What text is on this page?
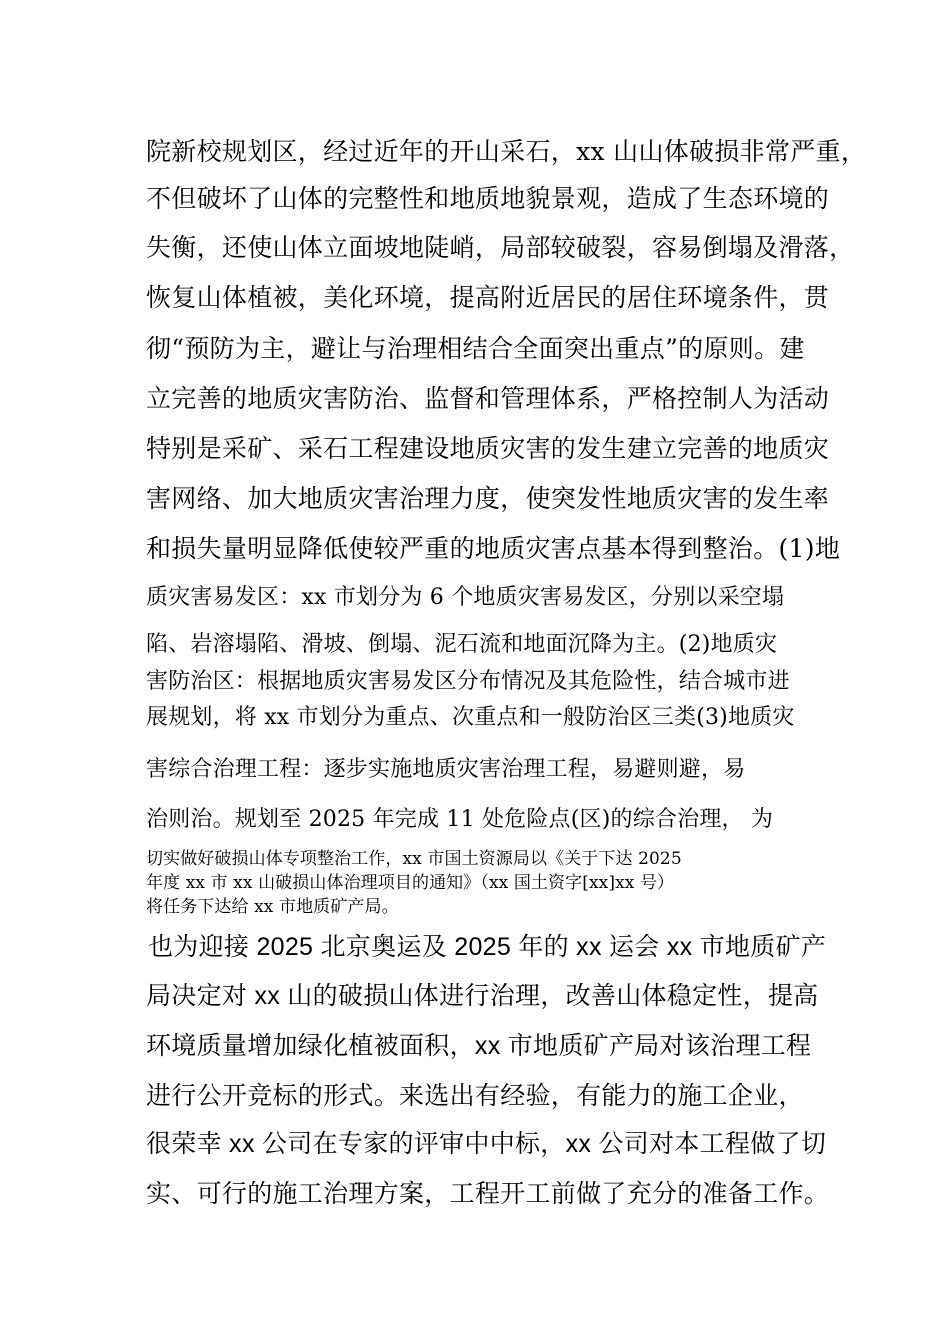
院新校规划区，经过近年的开山采石，xx 山山体破损非常严重，
不但破坏了山体的完整性和地质地貌景观，造成了生态环境的
失衡，还使山体立面坡地陡峭，局部较破裂，容易倒塌及滑落，
恢复山体植被，美化环境，提高附近居民的居住环境条件，贯
彻“预防为主，避让与治理相结合全面突出重点”的原则。建
立完善的地质灾害防治、监督和管理体系，严格控制人为活动
特别是采矿、采石工程建设地质灾害的发生建立完善的地质灾
害网络、加大地质灾害治理力度，使突发性地质灾害的发生率
和损失量明显降低使较严重的地质灾害点基本得到整治。(1)地
质灾害易发区：xx 市划分为 6 个地质灾害易发区，分别以采空塌
陷、岩溶塌陷、滑坡、倒塌、泥石流和地面沉降为主。(2)地质灾
害防治区：根据地质灾害易发区分布情况及其危险性，结合城市进
展规划，将 xx 市划分为重点、次重点和一般防治区三类(3)地质灾
害综合治理工程：逐步实施地质灾害治理工程，易避则避，易
治则治。规划至 2025 年完成 11 处危险点(区)的综合治理， 为
切实做好破损山体专项整治工作，xx 市国土资源局以《关于下达 2025
年度 xx 市 xx 山破损山体治理项目的通知》（xx 国土资字[xx]xx 号）
将任务下达给 xx 市地质矿产局。
也为迎接 2025 北京奥运及 2025 年的 xx 运会 xx 市地质矿产
局决定对 xx 山的破损山体进行治理，改善山体稳定性，提高
环境质量增加绿化植被面积，xx 市地质矿产局对该治理工程
进行公开竞标的形式。来选出有经验，有能力的施工企业，
很荣幸 xx 公司在专家的评审中中标，xx 公司对本工程做了切
实、可行的施工治理方案，工程开工前做了充分的准备工作。
